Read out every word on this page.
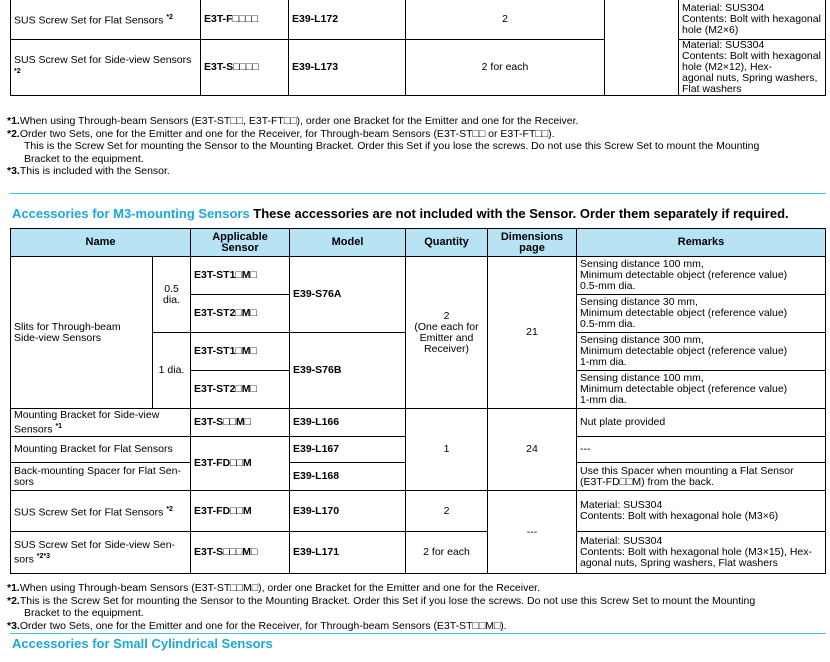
SUS Screw Set for Flat Sensors $^{*2}$	E3T-F□□□□	E39-L172	2		Material: SUS304
Contents: Bolt with hexagonal hole (M2×6)

SUS Screw Set for Side-view Sensors
$^{*2}$	E3T-S□□□□	E39-L173	2 for each		Material: SUS304
Contents: Bolt with hexagonal hole (M2×12), Hex-
agonal nuts, Spring washers, Flat washers
*1.When using Through-beam Sensors (E3T-ST□□, E3T-FT□□), order one Bracket for the Emitter and one for the Receiver.
*2.Order two Sets, one for the Emitter and one for the Receiver, for Through-beam Sensors (E3T-ST□□ or E3T-FT□□).
This is the Screw Set for mounting the Sensor to the Mounting Bracket. Order this Set if you lose the screws. Do not use this Screw Set to mount the Mounting
Bracket to the equipment.
*3.This is included with the Sensor.
Accessories for M3-mounting Sensors These accessories are not included with the Sensor. Order them separately if required.
Name		Applicable Sensor	Model	Quantity	Dimensions page	Remarks

Slits for Through-beam
Side-view Sensors	0.5
dia.	E3T-ST1□M□	E39-S76A	2
(One each for
Emitter and
Receiver)	21	Sensing distance 100 mm,
Minimum detectable object (reference value)
0.5-mm dia.

		E3T-ST2□M□				Sensing distance 30 mm,
Minimum detectable object (reference value)
0.5-mm dia.

	1 dia.	E3T-ST1□M□	E39-S76B			Sensing distance 300 mm,
Minimum detectable object (reference value)
1-mm dia.

		E3T-ST2□M□				Sensing distance 100 mm,
Minimum detectable object (reference value)
1-mm dia.

Mounting Bracket for Side-view
Sensors $^{*1}$		E3T-S□□M□	E39-L166	1	24	Nut plate provided
Mounting Bracket for Flat Sensors		E3T-FD□□M	E39-L167			---

Back-mounting Spacer for Flat Sen-
sors			E39-L168			Use this Spacer when mounting a Flat Sensor
(E3T-FD□□M) from the back.

SUS Screw Set for Flat Sensors $^{*2}$		E3T-FD□□M	E39-L170	2	---	Material: SUS304
Contents: Bolt with hexagonal hole (M3×6)

SUS Screw Set for Side-view Sen-
sors $^{*2*3}$		E3T-S□□□M□	E39-L171	2 for each		Material: SUS304
Contents: Bolt with hexagonal hole (M3×15), Hex-
agonal nuts, Spring washers, Flat washers
*1.When using Through-beam Sensors (E3T-ST□□M□), order one Bracket for the Emitter and one for the Receiver.
*2.This is the Screw Set for mounting the Sensor to the Mounting Bracket. Order this Set if you lose the screws. Do not use this Screw Set to mount the Mounting
Bracket to the equipment.
*3.Order two Sets, one for the Emitter and one for the Receiver, for Through-beam Sensors (E3T-ST□□M□).
Accessories for Small Cylindrical Sensors
